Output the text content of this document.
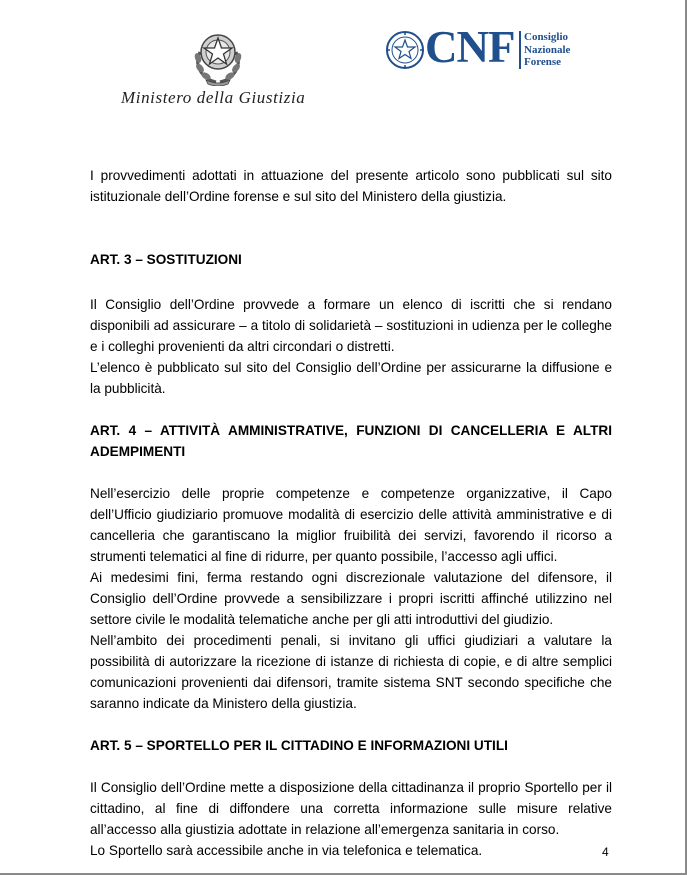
Ministero della Giustizia
CNF Consiglio
Nazionale
Forense

I provvedimenti adottati in attuazione del presente articolo sono pubblicati sul sito istituzionale dell’Ordine forense e sul sito del Ministero della giustizia.

ART. 3 – SOSTITUZIONI

Il Consiglio dell’Ordine provvede a formare un elenco di iscritti che si rendano disponibili ad assicurare – a titolo di solidarietà – sostituzioni in udienza per le colleghe e i colleghi provenienti da altri circondari o distretti.

L’elenco è pubblicato sul sito del Consiglio dell’Ordine per assicurarne la diffusione e la pubblicità.

ART. 4 – ATTIVITÀ AMMINISTRATIVE, FUNZIONI DI CANCELLERIA E ALTRI ADEMPIMENTI

Nell’esercizio delle proprie competenze e competenze organizzative, il Capo dell’Ufficio giudiziario promuove modalità di esercizio delle attività amministrative e di cancelleria che garantiscano la miglior fruibilità dei servizi, favorendo il ricorso a strumenti telematici al fine di ridurre, per quanto possibile, l’accesso agli uffici.

Ai medesimi fini, ferma restando ogni discrezionale valutazione del difensore, il Consiglio dell’Ordine provvede a sensibilizzare i propri iscritti affinché utilizzino nel settore civile le modalità telematiche anche per gli atti introduttivi del giudizio.

Nell’ambito dei procedimenti penali, si invitano gli uffici giudiziari a valutare la possibilità di autorizzare la ricezione di istanze di richiesta di copie, e di altre semplici comunicazioni provenienti dai difensori, tramite sistema SNT secondo specifiche che saranno indicate da Ministero della giustizia.

ART. 5 – SPORTELLO PER IL CITTADINO E INFORMAZIONI UTILI

Il Consiglio dell’Ordine mette a disposizione della cittadinanza il proprio Sportello per il cittadino, al fine di diffondere una corretta informazione sulle misure relative all’accesso alla giustizia adottate in relazione all’emergenza sanitaria in corso.

Lo Sportello sarà accessibile anche in via telefonica e telematica.	4
